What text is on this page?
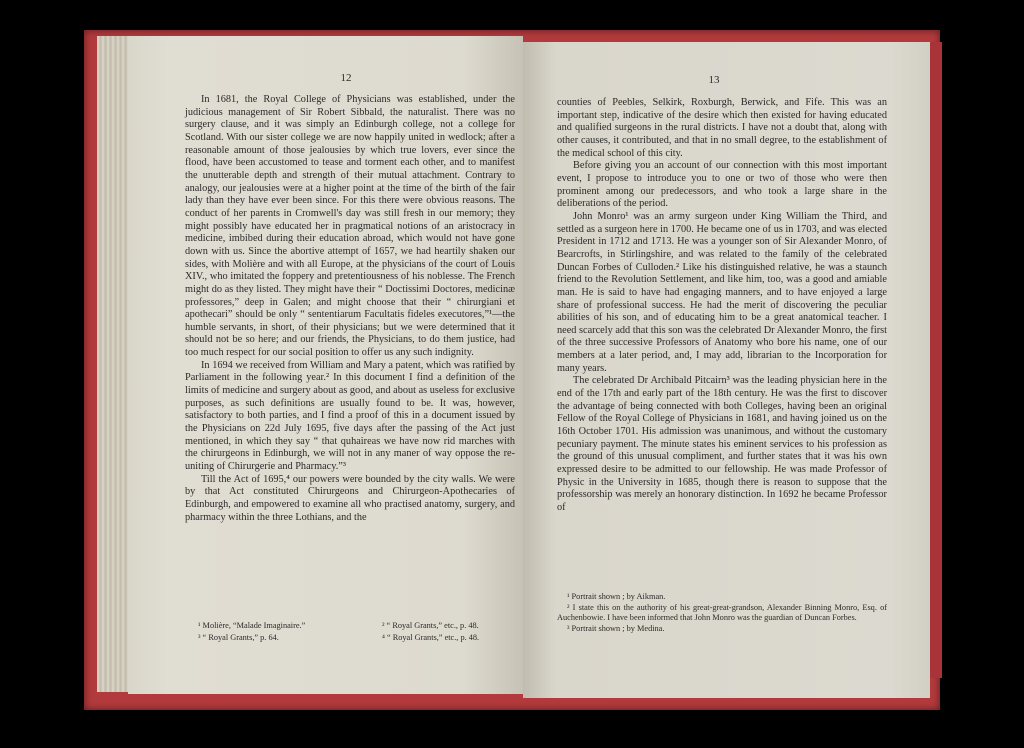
12

In 1681, the Royal College of Physicians was established, under the judicious management of Sir Robert Sibbald, the naturalist. There was no surgery clause, and it was simply an Edinburgh college, not a college for Scotland. With our sister college we are now happily united in wedlock; after a reasonable amount of those jealousies by which true lovers, ever since the flood, have been accustomed to tease and torment each other, and to manifest the unutterable depth and strength of their mutual attachment. Contrary to analogy, our jealousies were at a higher point at the time of the birth of the fair lady than they have ever been since. For this there were obvious reasons. The conduct of her parents in Cromwell's day was still fresh in our memory; they might possibly have educated her in pragmatical notions of an aristocracy in medicine, imbibed during their education abroad, which would not have gone down with us. Since the abortive attempt of 1657, we had heartily shaken our sides, with Molière and with all Europe, at the physicians of the court of Louis XIV., who imitated the foppery and pretentiousness of his noblesse. The French might do as they listed. They might have their “ Doctissimi Doctores, medicinæ professores,” deep in Galen; and might choose that their “ chirurgiani et apothecari” should be only “ sententiarum Facultatis fideles executores,”¹—the humble servants, in short, of their physicians; but we were determined that it should not be so here; and our friends, the Physicians, to do them justice, had too much respect for our social position to offer us any such indignity.

In 1694 we received from William and Mary a patent, which was ratified by Parliament in the following year.² In this document I find a definition of the limits of medicine and surgery about as good, and about as useless for exclusive purposes, as such definitions are usually found to be. It was, however, satisfactory to both parties, and I find a proof of this in a document issued by the Physicians on 22d July 1695, five days after the passing of the Act just mentioned, in which they say “ that quhaireas we have now rid marches with the chirurgeons in Edinburgh, we will not in any maner of way oppose the re-uniting of Chirurgerie and Pharmacy.”³

Till the Act of 1695,⁴ our powers were bounded by the city walls. We were by that Act constituted Chirurgeons and Chirurgeon-Apothecaries of Edinburgh, and empowered to examine all who practised anatomy, surgery, and pharmacy within the three Lothians, and the

¹ Molière, “Malade Imaginaire.”	² “ Royal Grants,” etc., p. 48.
³ “ Royal Grants,” p. 64.	⁴ “ Royal Grants,” etc., p. 48.
13

counties of Peebles, Selkirk, Roxburgh, Berwick, and Fife. This was an important step, indicative of the desire which then existed for having educated and qualified surgeons in the rural districts. I have not a doubt that, along with other causes, it contributed, and that in no small degree, to the establishment of the medical school of this city.

Before giving you an account of our connection with this most important event, I propose to introduce you to one or two of those who were then prominent among our predecessors, and who took a large share in the deliberations of the period.

John Monro¹ was an army surgeon under King William the Third, and settled as a surgeon here in 1700. He became one of us in 1703, and was elected President in 1712 and 1713. He was a younger son of Sir Alexander Monro, of Bearcrofts, in Stirlingshire, and was related to the family of the celebrated Duncan Forbes of Culloden.² Like his distinguished relative, he was a staunch friend to the Revolution Settlement, and like him, too, was a good and amiable man. He is said to have had engaging manners, and to have enjoyed a large share of professional success. He had the merit of discovering the peculiar abilities of his son, and of educating him to be a great anatomical teacher. I need scarcely add that this son was the celebrated Dr Alexander Monro, the first of the three successive Professors of Anatomy who bore his name, one of our members at a later period, and, I may add, librarian to the Incorporation for many years.

The celebrated Dr Archibald Pitcairn³ was the leading physician here in the end of the 17th and early part of the 18th century. He was the first to discover the advantage of being connected with both Colleges, having been an original Fellow of the Royal College of Physicians in 1681, and having joined us on the 16th October 1701. His admission was unanimous, and without the customary pecuniary payment. The minute states his eminent services to his profession as the ground of this unusual compliment, and further states that it was his own expressed desire to be admitted to our fellowship. He was made Professor of Physic in the University in 1685, though there is reason to suppose that the professorship was merely an honorary distinction. In 1692 he became Professor of

¹ Portrait shown ; by Aikman.
² I state this on the authority of his great-great-grandson, Alexander Binning Monro, Esq. of Auchenbowie. I have been informed that John Monro was the guardian of Duncan Forbes.
³ Portrait shown ; by Medina.
